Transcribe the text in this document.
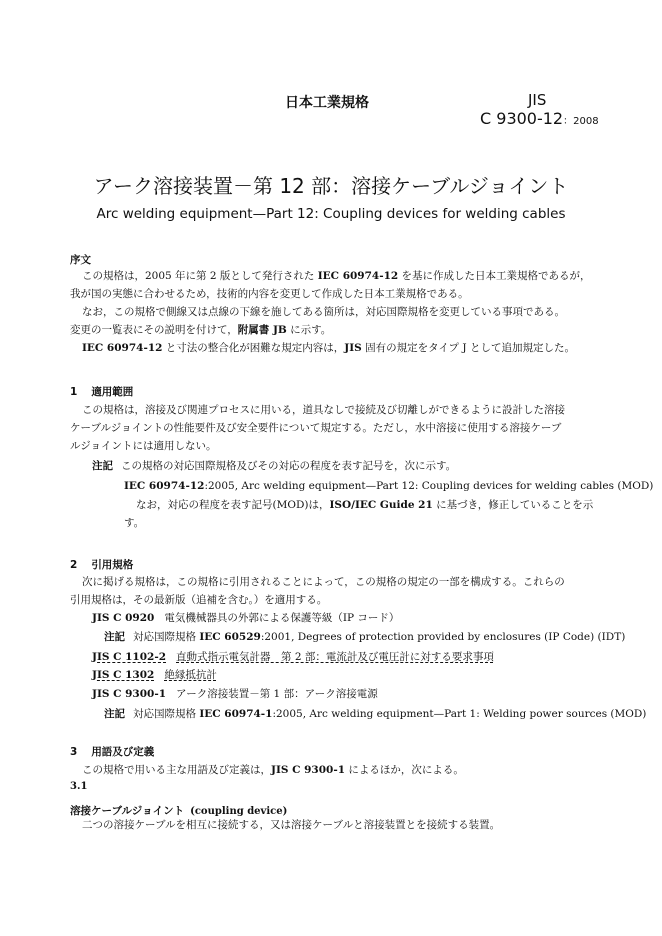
日本工業規格	JIS
C 9300-12：2008
アーク溶接装置－第 12 部：溶接ケーブルジョイント
Arc welding equipment—Part 12: Coupling devices for welding cables
序文
この規格は，2005 年に第 2 版として発行された IEC 60974-12 を基に作成した日本工業規格であるが，
我が国の実態に合わせるため，技術的内容を変更して作成した日本工業規格である。
なお，この規格で側線又は点線の下線を施してある箇所は，対応国際規格を変更している事項である。
変更の一覧表にその説明を付けて，附属書 JB に示す。
IEC 60974-12 と寸法の整合化が困難な規定内容は，JIS 固有の規定をタイプ J として追加規定した。
1 適用範囲
この規格は，溶接及び関連プロセスに用いる，道具なしで接続及び切離しができるように設計した溶接
ケーブルジョイントの性能要件及び安全要件について規定する。ただし，水中溶接に使用する溶接ケーブ
ルジョイントには適用しない。
注記 この規格の対応国際規格及びその対応の程度を表す記号を，次に示す。
IEC 60974-12:2005, Arc welding equipment—Part 12: Coupling devices for welding cables (MOD)
なお，対応の程度を表す記号(MOD)は，ISO/IEC Guide 21 に基づき，修正していることを示
す。
2 引用規格
次に掲げる規格は，この規格に引用されることによって，この規格の規定の一部を構成する。これらの
引用規格は，その最新版（追補を含む。）を適用する。
JIS C 0920 電気機械器具の外郭による保護等級（IP コード）
注記 対応国際規格 IEC 60529:2001, Degrees of protection provided by enclosures (IP Code) (IDT)
JIS C 1102-2 直動式指示電気計器　第 2 部：電流計及び電圧計に対する要求事項
JIS C 1302 絶縁抵抗計
JIS C 9300-1 アーク溶接装置－第 1 部：アーク溶接電源
注記 対応国際規格 IEC 60974-1:2005, Arc welding equipment—Part 1: Welding power sources (MOD)
3 用語及び定義
この規格で用いる主な用語及び定義は，JIS C 9300-1 によるほか，次による。
3.1
溶接ケーブルジョイント (coupling device)
二つの溶接ケーブルを相互に接続する，又は溶接ケーブルと溶接装置とを接続する装置。
